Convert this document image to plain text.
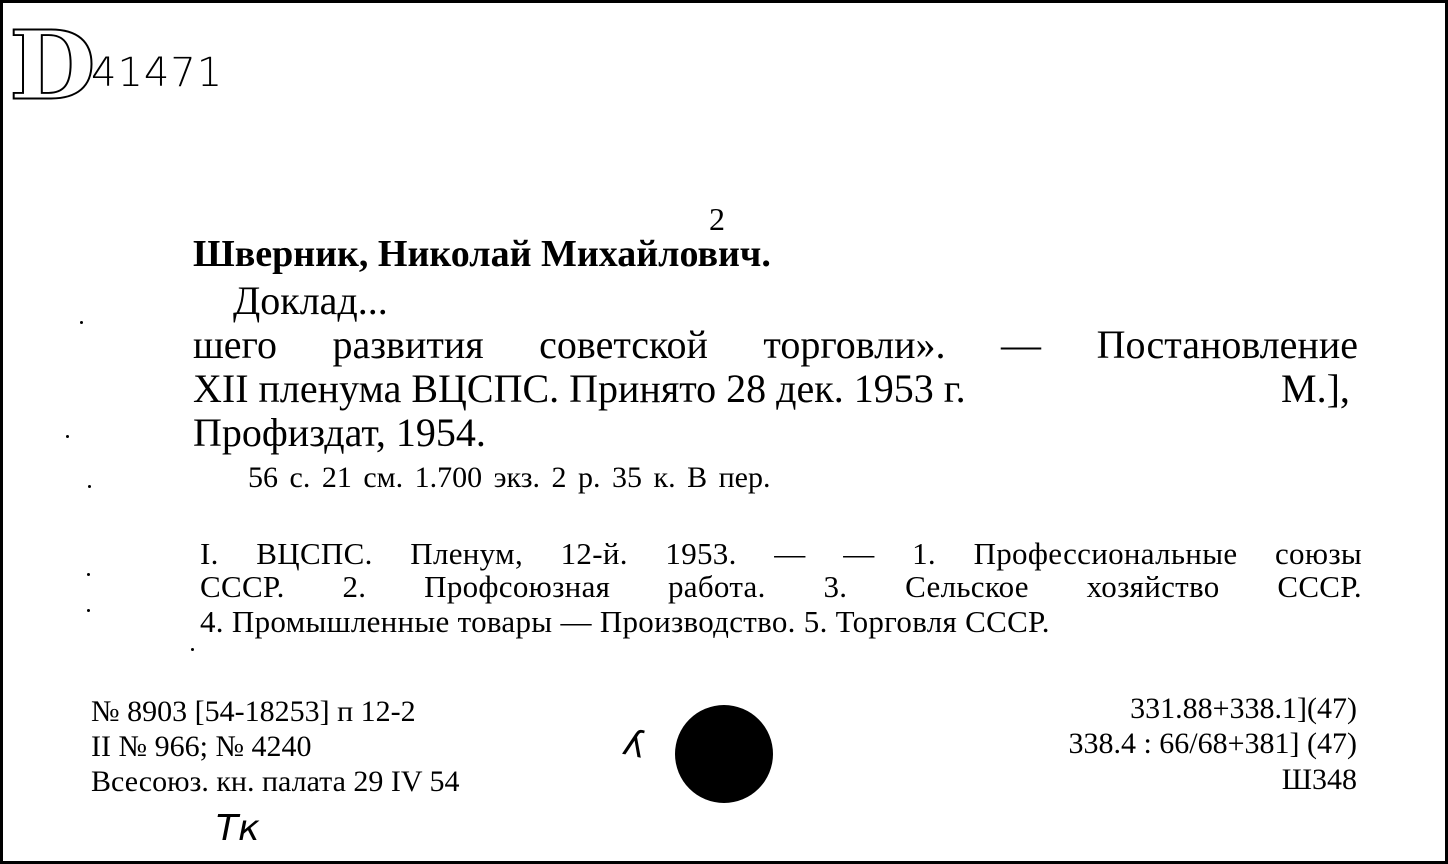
D
41471
2
Шверник, Николай Михайлович.
Доклад...
шего развития советской торговли». — Постановление
XII пленума ВЦСПС. Принято 28 дек. 1953 г.	М.],
Профиздат, 1954.
56 с. 21 см. 1.700 экз. 2 р. 35 к. В пер.
I. ВЦСПС. Пленум, 12-й. 1953. — — 1. Профессиональные союзы
СССР. 2. Профсоюзная работа. 3. Сельское хозяйство СССР.
4. Промышленные товары — Производство. 5. Торговля СССР.
№ 8903 [54-18253] п 12-2
II № 966; № 4240
Всесоюз. кн. палата 29 IV 54
ʎ
331.88+338.1](47)
338.4 : 66/68+381] (47)
Ш348
Тк
